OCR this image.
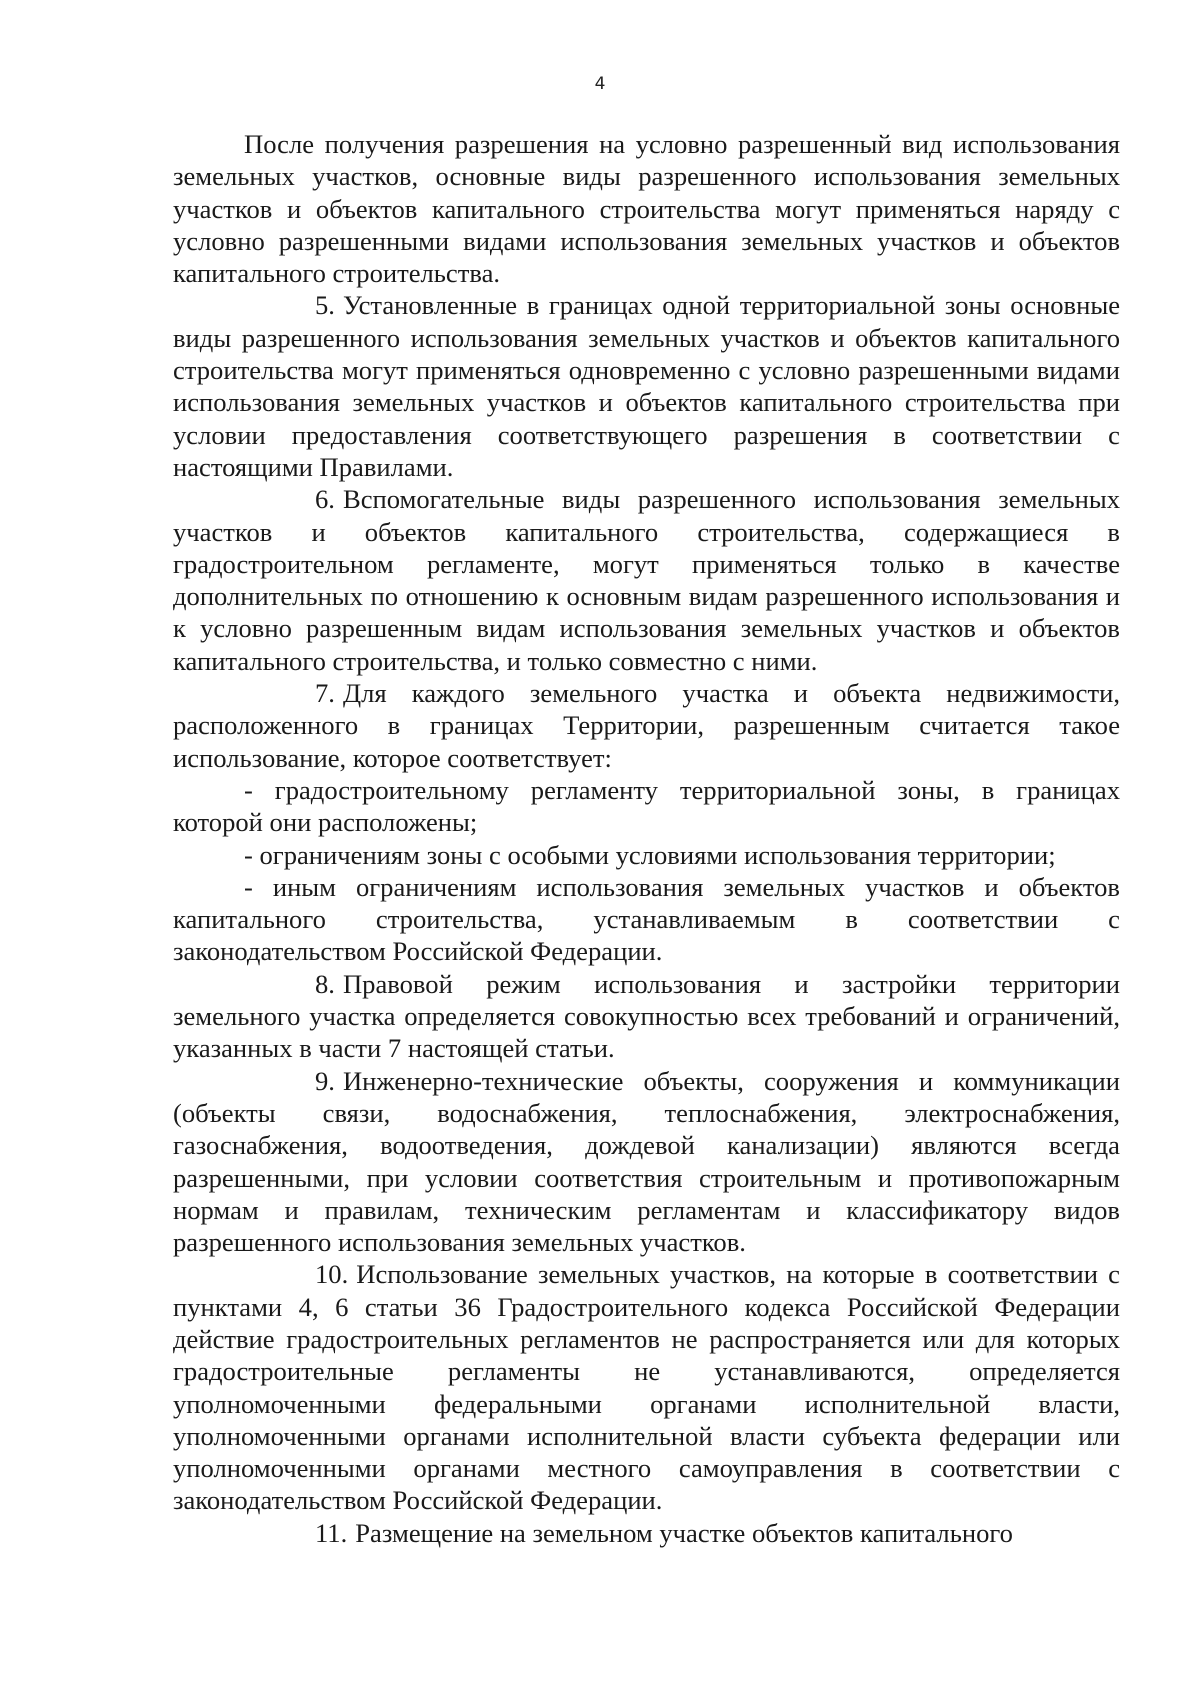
4

После получения разрешения на условно разрешенный вид использования земельных участков, основные виды разрешенного использования земельных участков и объектов капитального строительства могут применяться наряду с условно разрешенными видами использования земельных участков и объектов капитального строительства.

5. Установленные в границах одной территориальной зоны основные виды разрешенного использования земельных участков и объектов капитального строительства могут применяться одновременно с условно разрешенными видами использования земельных участков и объектов капитального строительства при условии предоставления соответствующего разрешения в соответствии с настоящими Правилами.

6. Вспомогательные виды разрешенного использования земельных участков и объектов капитального строительства, содержащиеся в градостроительном регламенте, могут применяться только в качестве дополнительных по отношению к основным видам разрешенного использования и к условно разрешенным видам использования земельных участков и объектов капитального строительства, и только совместно с ними.

7. Для каждого земельного участка и объекта недвижимости, расположенного в границах Территории, разрешенным считается такое использование, которое соответствует:

- градостроительному регламенту территориальной зоны, в границах которой они расположены;

- ограничениям зоны с особыми условиями использования территории;

- иным ограничениям использования земельных участков и объектов капитального строительства, устанавливаемым в соответствии с законодательством Российской Федерации.

8. Правовой режим использования и застройки территории земельного участка определяется совокупностью всех требований и ограничений, указанных в части 7 настоящей статьи.

9. Инженерно-технические объекты, сооружения и коммуникации (объекты связи, водоснабжения, теплоснабжения, электроснабжения, газоснабжения, водоотведения, дождевой канализации) являются всегда разрешенными, при условии соответствия строительным и противопожарным нормам и правилам, техническим регламентам и классификатору видов разрешенного использования земельных участков.

10. Использование земельных участков, на которые в соответствии с пунктами 4, 6 статьи 36 Градостроительного кодекса Российской Федерации действие градостроительных регламентов не распространяется или для которых градостроительные регламенты не устанавливаются, определяется уполномоченными федеральными органами исполнительной власти, уполномоченными органами исполнительной власти субъекта федерации или уполномоченными органами местного самоуправления в соответствии с законодательством Российской Федерации.

11. Размещение на земельном участке объектов капитального
